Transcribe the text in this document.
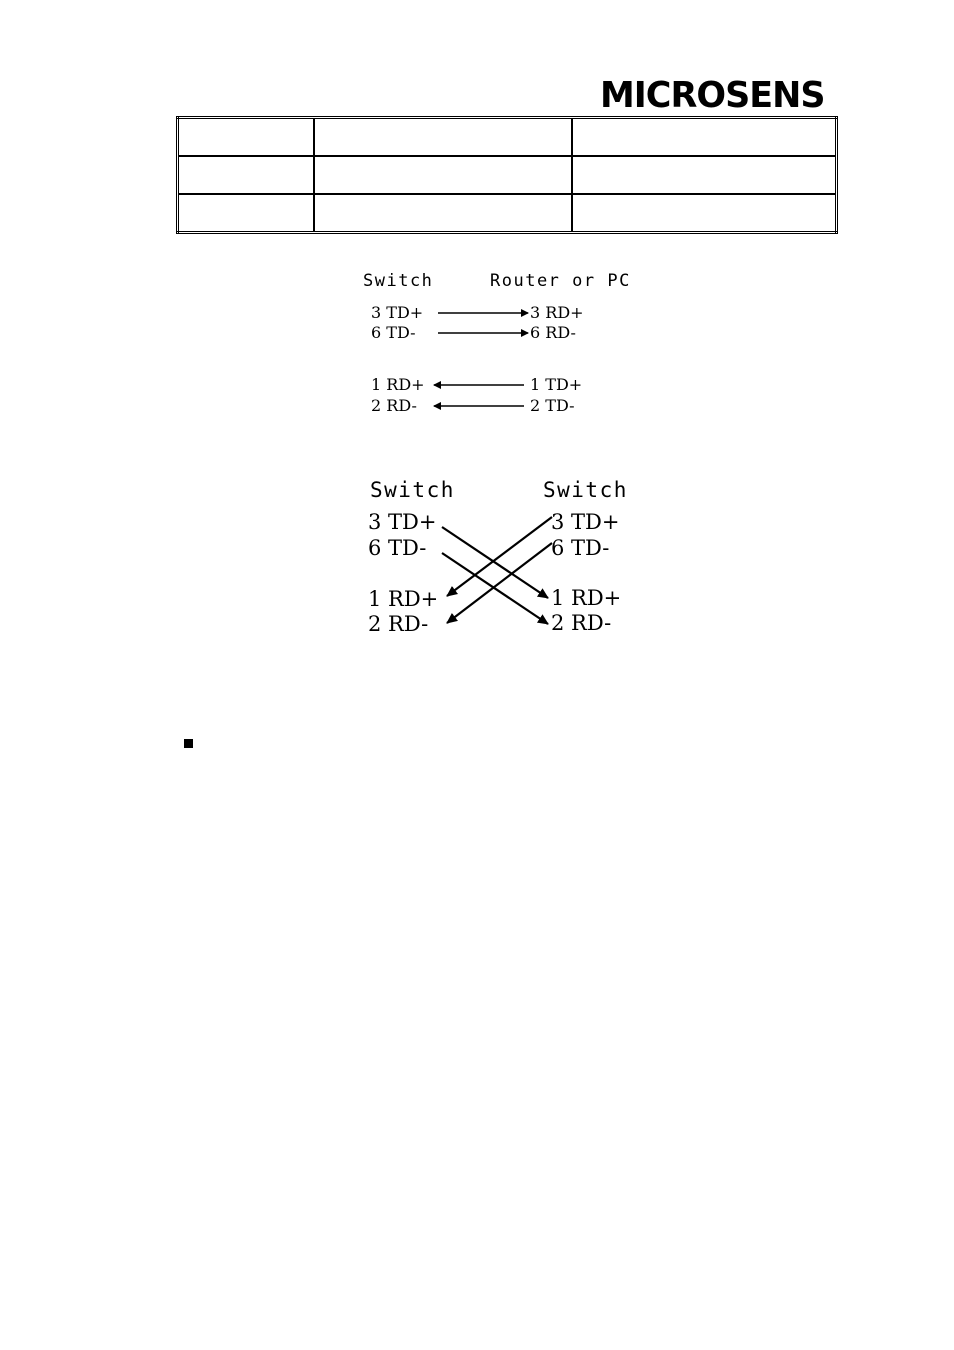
MICROSENS

Switch	Router or PC
3 TD+
6 TD-
1 RD+
2 RD-
3 RD+
6 RD-
1 TD+
2 TD-
Switch	Switch
3 TD+
6 TD-
1 RD+
2 RD-
3 TD+
6 TD-
1 RD+
2 RD-
